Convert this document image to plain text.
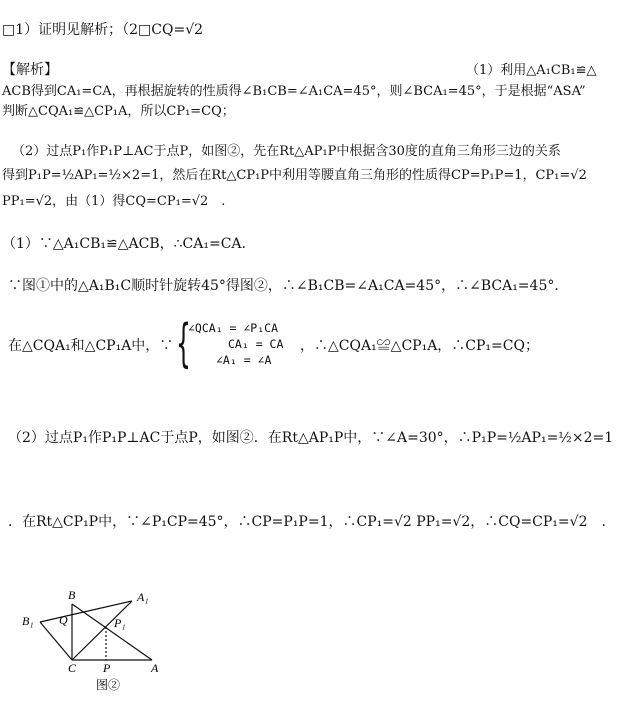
□1）证明见解析；（2□CQ=√2
【解析】	（1）利用△A₁CB₁≌△
ACB得到CA₁=CA，再根据旋转的性质得∠B₁CB=∠A₁CA=45°，则∠BCA₁=45°，于是根据“ASA”
判断△CQA₁≌△CP₁A，所以CP₁=CQ；
（2）过点P₁作P₁P⊥AC于点P，如图②，先在Rt△AP₁P中根据含30度的直角三角形三边的关系
得到P₁P=½AP₁=½×2=1，然后在Rt△CP₁P中利用等腰直角三角形的性质得CP=P₁P=1，CP₁=√2
PP₁=√2，由（1）得CQ=CP₁=√2　.
（1）∵△A₁CB₁≌△ACB，∴CA₁=CA．
∵图①中的△A₁B₁C顺时针旋转45°得图②，∴∠B₁CB=∠A₁CA=45°，∴∠BCA₁=45°．
在△CQA₁和△CP₁A中，∵ {
∠QCA₁ = ∠P₁CA
CA₁ = CA
∠A₁ = ∠A
，∴△CQA₁≌△CP₁A，∴CP₁=CQ；
（2）过点P₁作P₁P⊥AC于点P，如图②．在Rt△AP₁P中，∵∠A=30°，∴P₁P=½AP₁=½×2=1
．在Rt△CP₁P中，∵∠P₁CP=45°，∴CP=P₁P=1，∴CP₁=√2 PP₁=√2，∴CQ=CP₁=√2　.
B	A₁
B₁ Q	P₁
C P	A
图②
